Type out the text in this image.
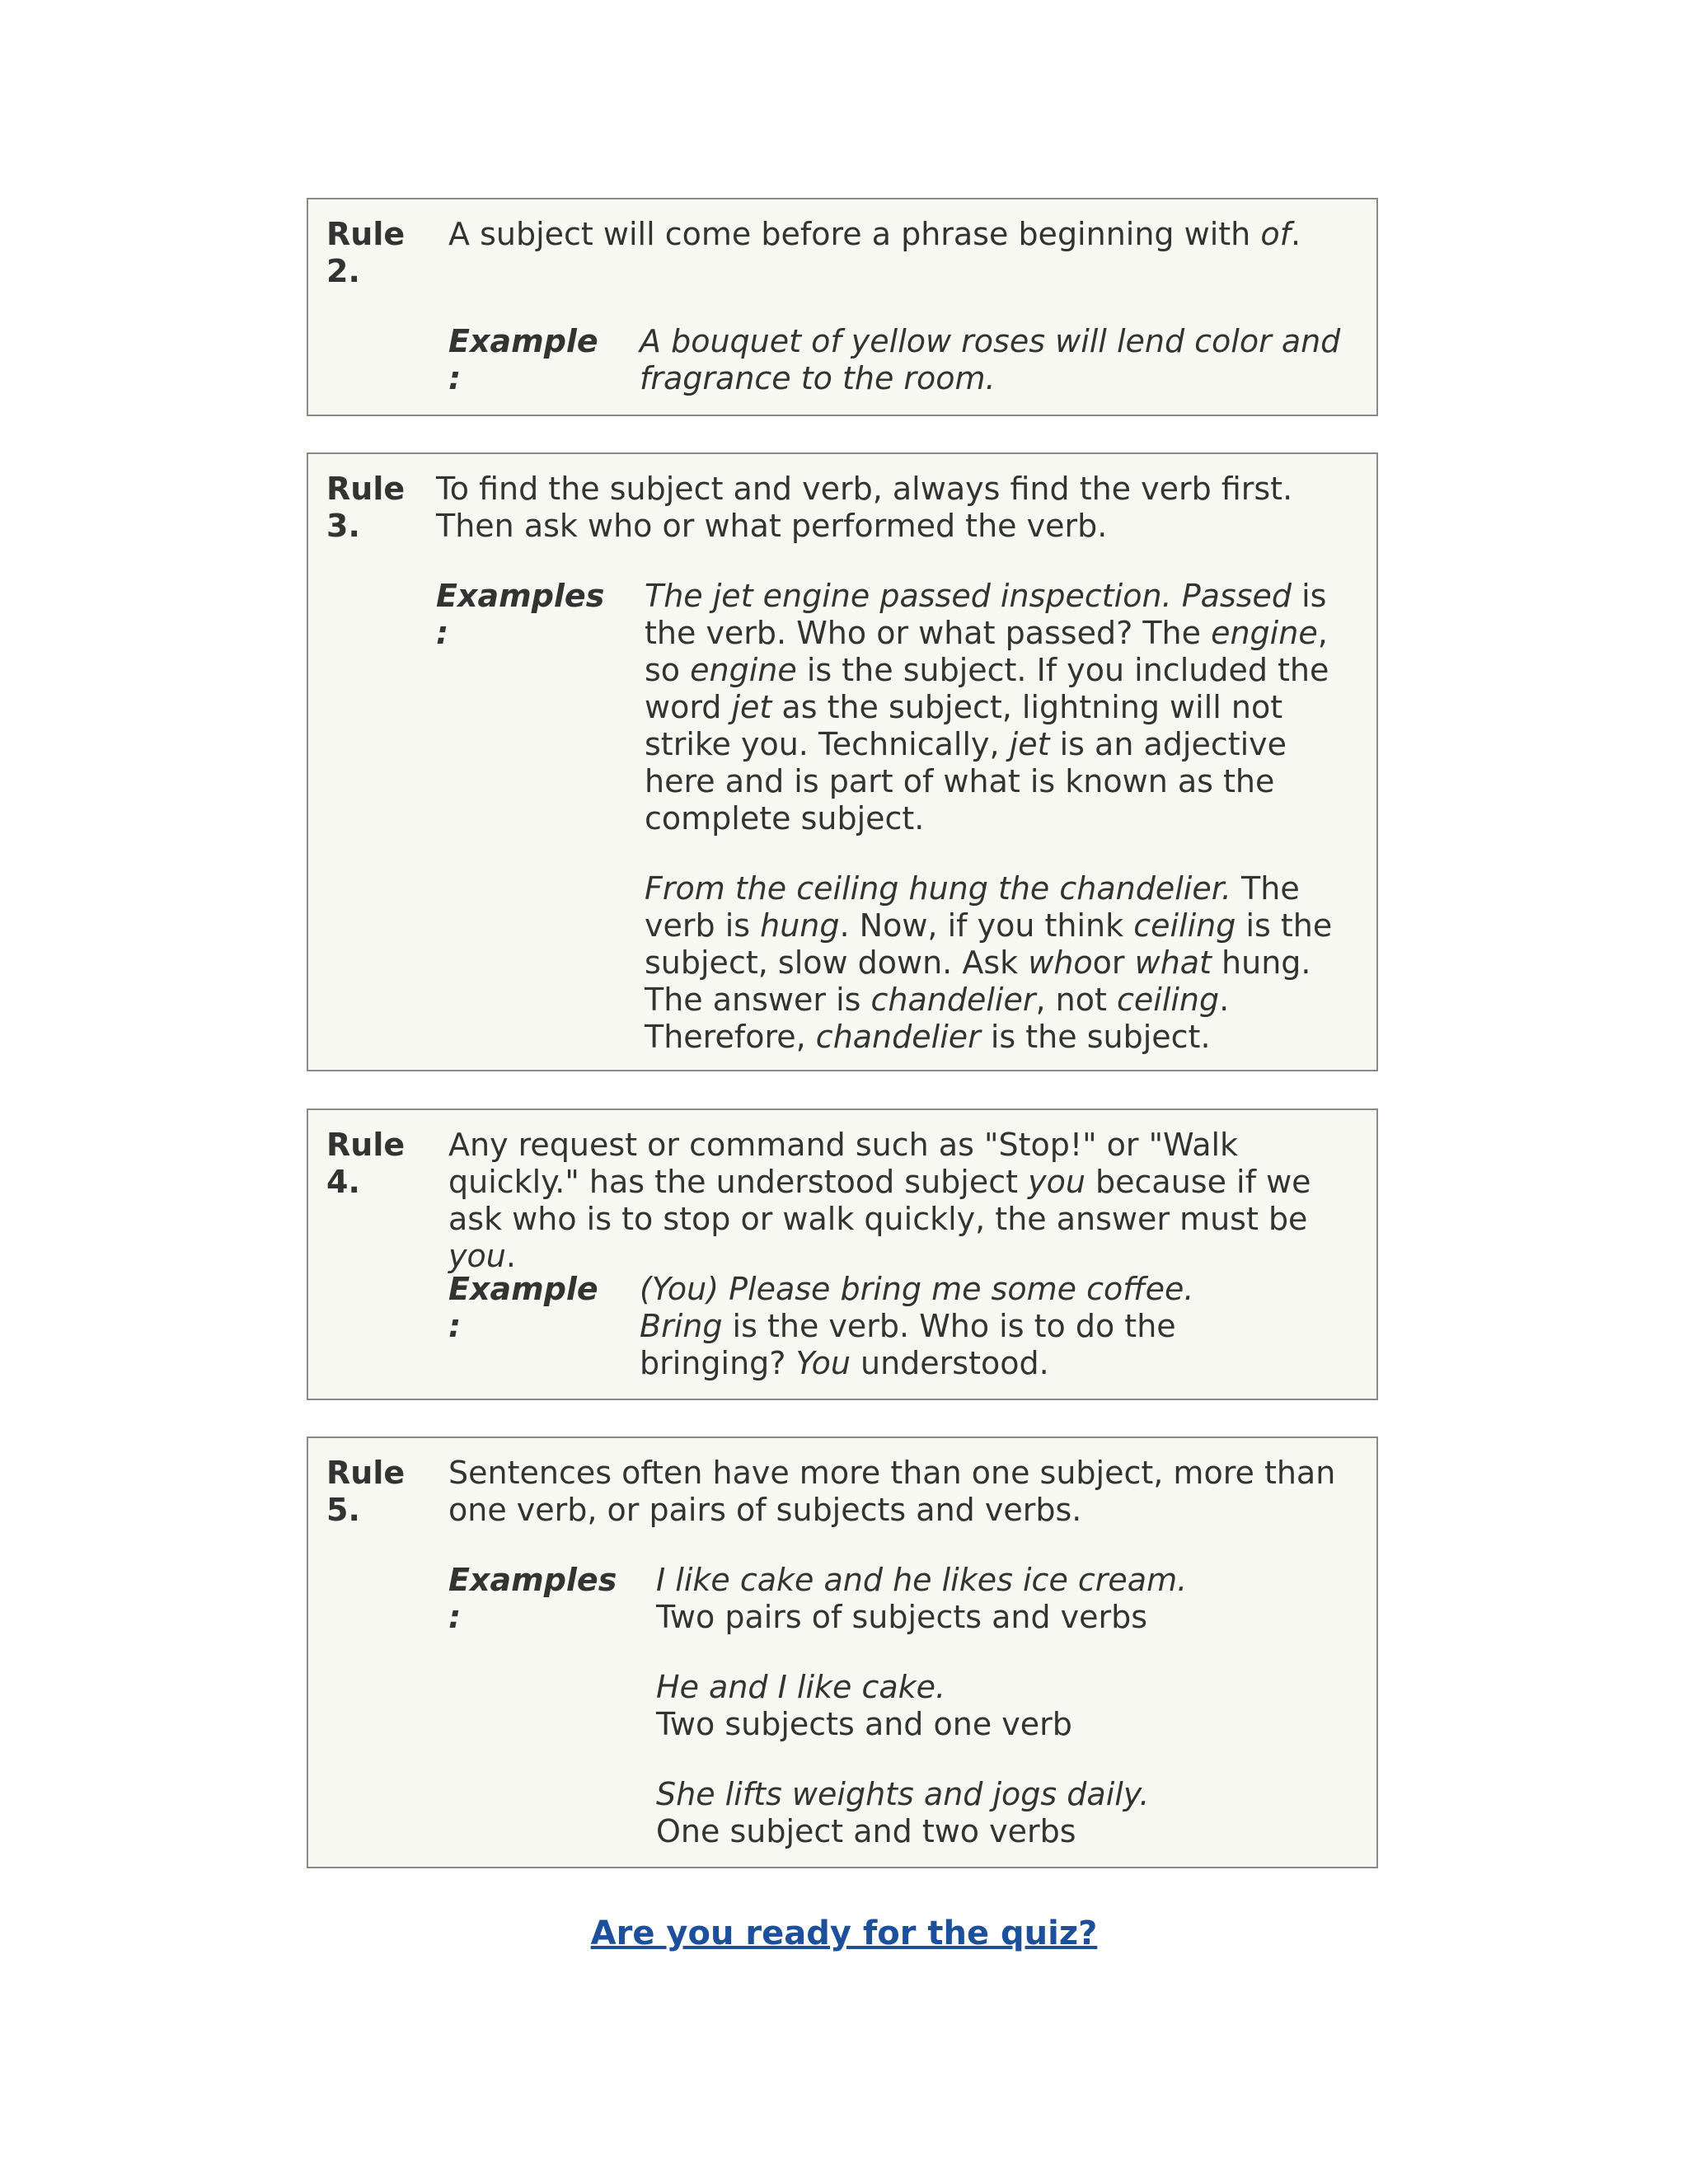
Rule
2.
A subject will come before a phrase beginning with of.
Example
:
A bouquet of yellow roses will lend color and fragrance to the room.
Rule
3.
To find the subject and verb, always find the verb first. Then ask who or what performed the verb.
Examples
:
The jet engine passed inspection. Passed is the verb. Who or what passed? The engine, so engine is the subject. If you included the word jet as the subject, lightning will not strike you. Technically, jet is an adjective here and is part of what is known as the complete subject.
From the ceiling hung the chandelier. The verb is hung. Now, if you think ceiling is the subject, slow down. Ask whoor what hung. The answer is chandelier, not ceiling. Therefore, chandelier is the subject.
Rule
4.
Any request or command such as "Stop!" or "Walk quickly." has the understood subject you because if we ask who is to stop or walk quickly, the answer must be you.
Example
:
(You) Please bring me some coffee. Bring is the verb. Who is to do the bringing? You understood.
Rule
5.
Sentences often have more than one subject, more than one verb, or pairs of subjects and verbs.
Examples
:
I like cake and he likes ice cream.
Two pairs of subjects and verbs
He and I like cake.
Two subjects and one verb
She lifts weights and jogs daily.
One subject and two verbs
Are you ready for the quiz?
